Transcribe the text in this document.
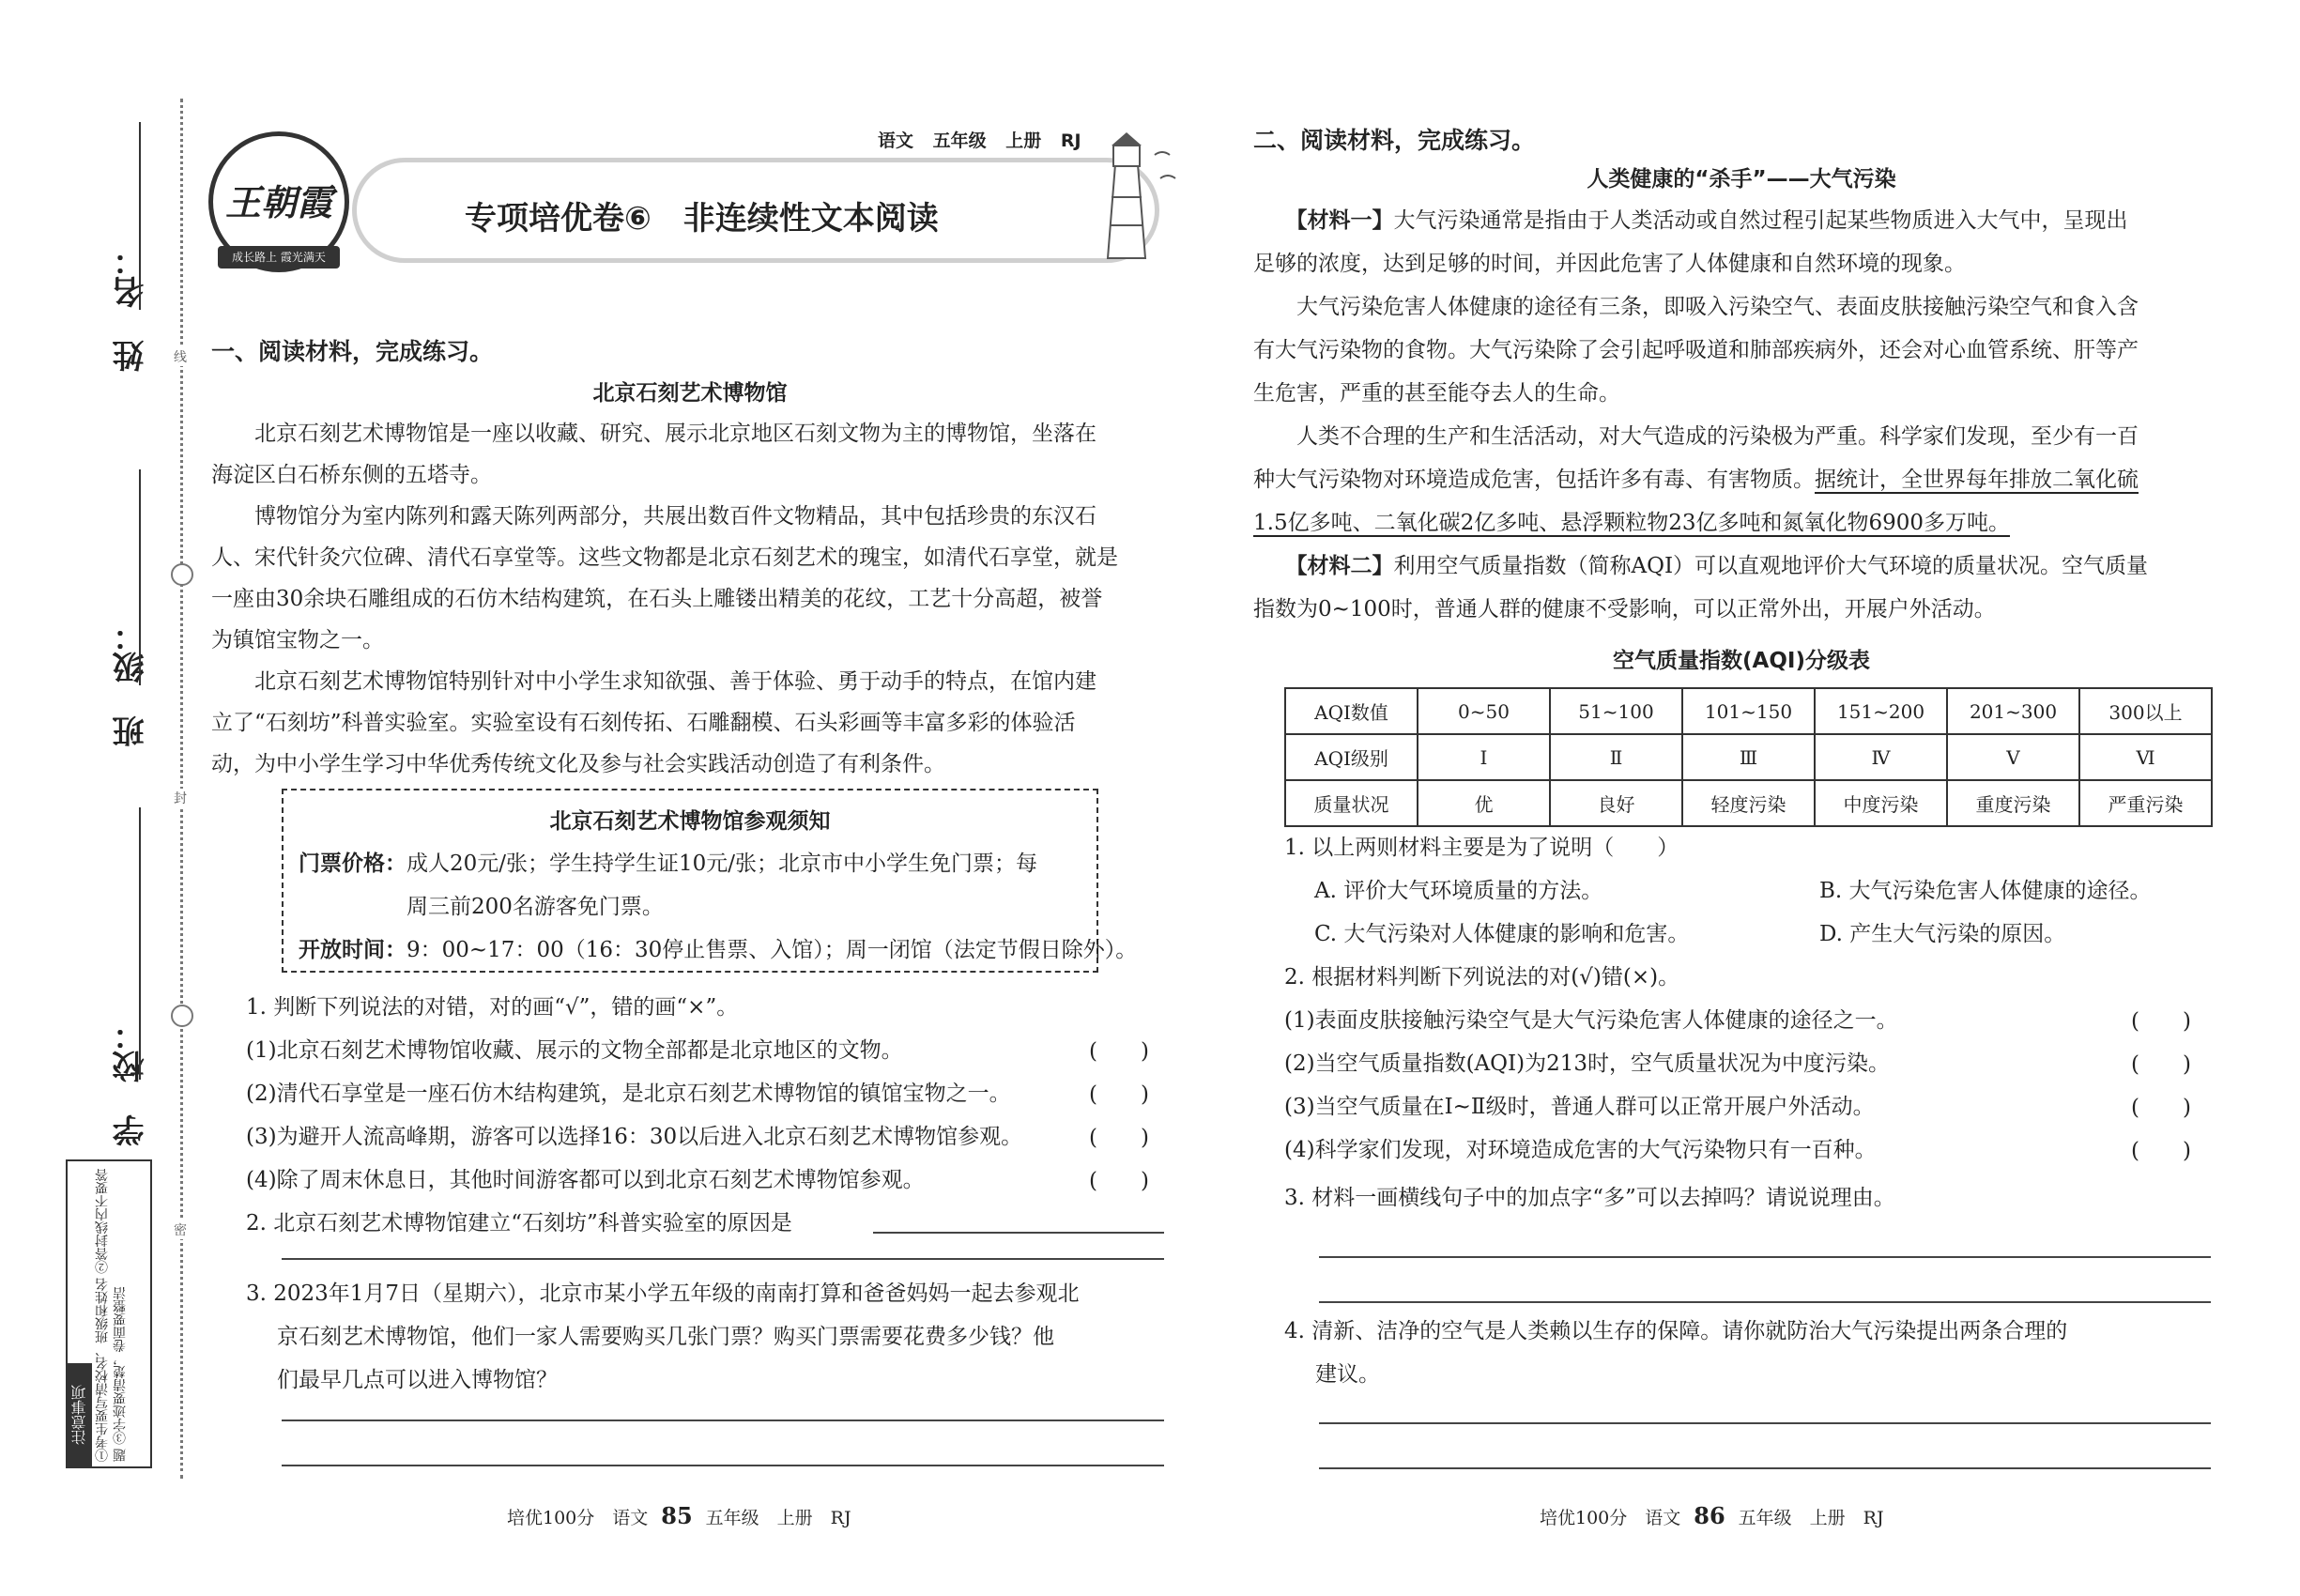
姓　名：
班　级：
学　校：
线
封
密
注意事项 ①考生要写清校名、班级和姓名 ②答封线内不要答题 ③字迹要清楚，卷面要整洁
语文 五年级 上册 RJ
王朝霞
成长路上 霞光满天
专项培优卷⑥　非连续性文本阅读
一、阅读材料，完成练习。
北京石刻艺术博物馆

　　北京石刻艺术博物馆是一座以收藏、研究、展示北京地区石刻文物为主的博物馆，坐落在

海淀区白石桥东侧的五塔寺。

　　博物馆分为室内陈列和露天陈列两部分，共展出数百件文物精品，其中包括珍贵的东汉石

人、宋代针灸穴位碑、清代石享堂等。这些文物都是北京石刻艺术的瑰宝，如清代石享堂，就是

一座由30余块石雕组成的石仿木结构建筑，在石头上雕镂出精美的花纹，工艺十分高超，被誉

为镇馆宝物之一。

　　北京石刻艺术博物馆特别针对中小学生求知欲强、善于体验、勇于动手的特点，在馆内建

立了“石刻坊”科普实验室。实验室设有石刻传拓、石雕翻模、石头彩画等丰富多彩的体验活

动，为中小学生学习中华优秀传统文化及参与社会实践活动创造了有利条件。

北京石刻艺术博物馆参观须知

门票价格：成人20元/张；学生持学生证10元/张；北京市中小学生免门票；每

周三前200名游客免门票。

开放时间：9：00~17：00（16：30停止售票、入馆）；周一闭馆（法定节假日除外）。

1. 判断下列说法的对错，对的画“√”，错的画“×”。

(1)北京石刻艺术博物馆收藏、展示的文物全部都是北京地区的文物。

(2)清代石享堂是一座石仿木结构建筑，是北京石刻艺术博物馆的镇馆宝物之一。

(3)为避开人流高峰期，游客可以选择16：30以后进入北京石刻艺术博物馆参观。

(4)除了周末休息日，其他时间游客都可以到北京石刻艺术博物馆参观。

(　　)
(　　)
(　　)
(　　)
2. 北京石刻艺术博物馆建立“石刻坊”科普实验室的原因是

3. 2023年1月7日（星期六），北京市某小学五年级的南南打算和爸爸妈妈一起去参观北

京石刻艺术博物馆，他们一家人需要购买几张门票？购买门票需要花费多少钱？他

们最早几点可以进入博物馆？

培优100分　语文 85 五年级　上册　RJ
二、阅读材料，完成练习。
人类健康的“杀手”——大气污染

　　【材料一】大气污染通常是指由于人类活动或自然过程引起某些物质进入大气中，呈现出

足够的浓度，达到足够的时间，并因此危害了人体健康和自然环境的现象。

　　大气污染危害人体健康的途径有三条，即吸入污染空气、表面皮肤接触污染空气和食入含

有大气污染物的食物。大气污染除了会引起呼吸道和肺部疾病外，还会对心血管系统、肝等产

生危害，严重的甚至能夺去人的生命。

　　人类不合理的生产和生活活动，对大气造成的污染极为严重。科学家们发现，至少有一百

种大气污染物对环境造成危害，包括许多有毒、有害物质。据统计，全世界每年排放二氧化硫

1.5亿多吨、二氧化碳2亿多吨、悬浮颗粒物23亿多吨和氮氧化物6900多万吨。

　　【材料二】利用空气质量指数（简称AQI）可以直观地评价大气环境的质量状况。空气质量

指数为0~100时，普通人群的健康不受影响，可以正常外出，开展户外活动。

空气质量指数(AQI)分级表
AQI数值	0~50	51~100	101~150	151~200	201~300	300以上
AQI级别	Ⅰ	Ⅱ	Ⅲ	Ⅳ	Ⅴ	Ⅵ
质量状况	优	良好	轻度污染	中度污染	重度污染	严重污染
1. 以上两则材料主要是为了说明（　　）
A. 评价大气环境质量的方法。	B. 大气污染危害人体健康的途径。
C. 大气污染对人体健康的影响和危害。	D. 产生大气污染的原因。
2. 根据材料判断下列说法的对(√)错(×)。

(1)表面皮肤接触污染空气是大气污染危害人体健康的途径之一。

(2)当空气质量指数(AQI)为213时，空气质量状况为中度污染。

(3)当空气质量在Ⅰ~Ⅱ级时，普通人群可以正常开展户外活动。

(4)科学家们发现，对环境造成危害的大气污染物只有一百种。

(　　)
(　　)
(　　)
(　　)
3. 材料一画横线句子中的加点字“多”可以去掉吗？请说说理由。

4. 清新、洁净的空气是人类赖以生存的保障。请你就防治大气污染提出两条合理的

建议。

培优100分　语文 86 五年级　上册　RJ
